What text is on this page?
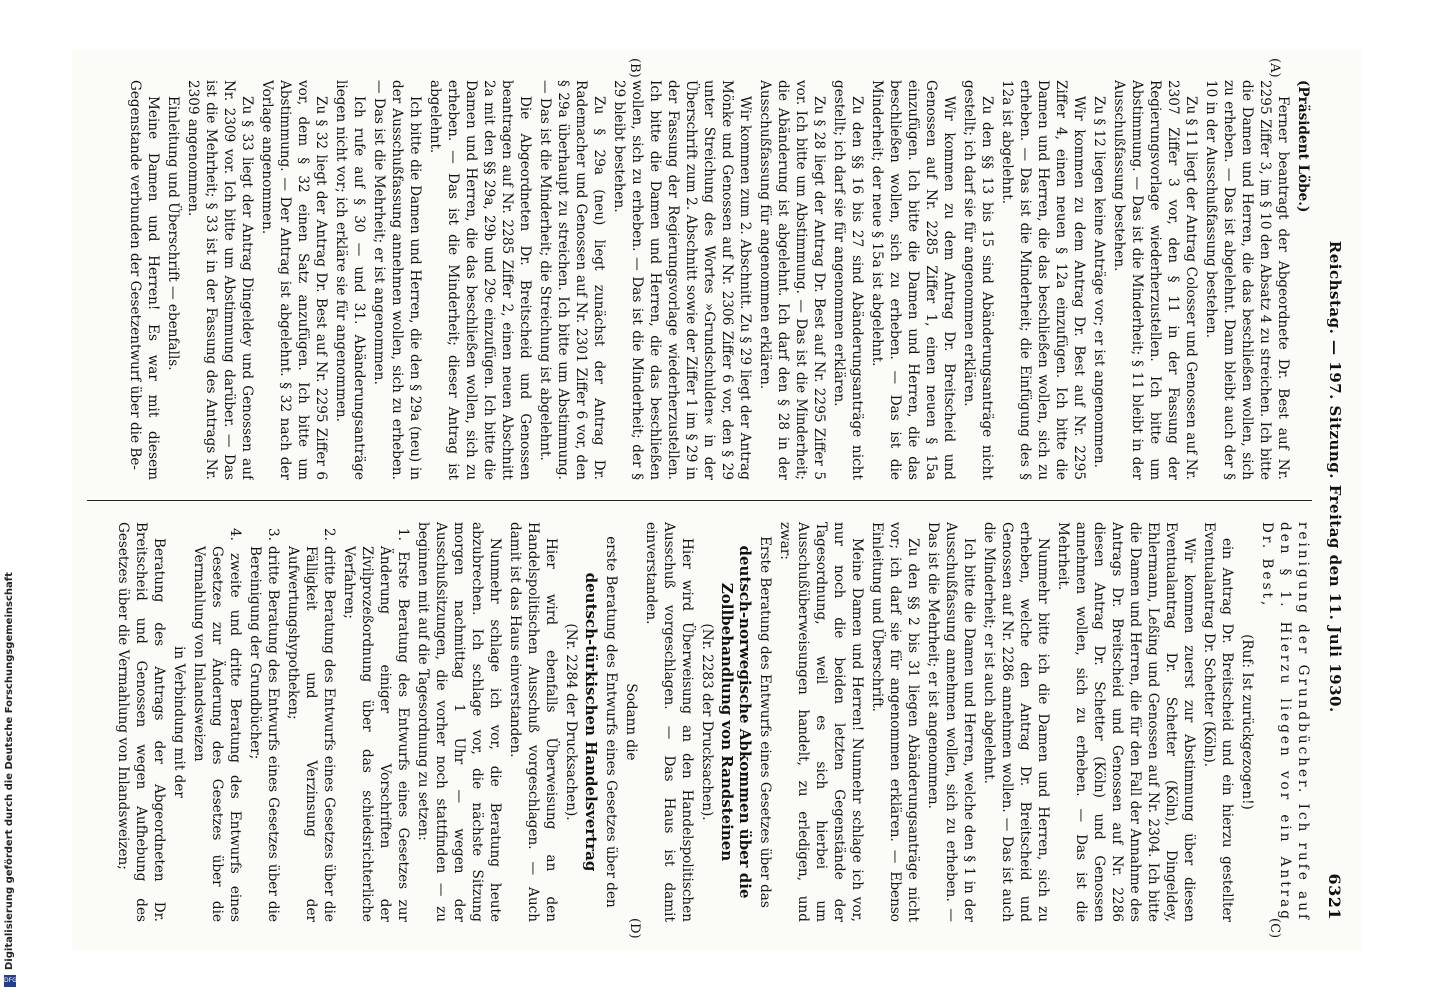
Reichstag. — 197. Sitzung. Freitag den 11. Juli 1930.
6321
(A)
(B)
(C)
(D)

(Präsident Löbe.)

Ferner beantragt der Abgeordnete Dr. Best auf Nr. 2295 Ziffer 3, im § 10 den Absatz 4 zu streichen. Ich bitte die Damen und Herren, die das beschließen wollen, sich zu erheben. — Das ist abgelehnt. Dann bleibt auch der § 10 in der Ausschußfassung bestehen.

Zu § 11 liegt der Antrag Colosser und Genossen auf Nr. 2307 Ziffer 3 vor, den § 11 in der Fassung der Regierungsvorlage wiederherzustellen. Ich bitte um Abstimmung. — Das ist die Minderheit; § 11 bleibt in der Ausschußfassung bestehen.

Zu § 12 liegen keine Anträge vor; er ist angenommen.

Wir kommen zu dem Antrag Dr. Best auf Nr. 2295 Ziffer 4, einen neuen § 12a einzufügen. Ich bitte die Damen und Herren, die das beschließen wollen, sich zu erheben. — Das ist die Minderheit; die Einfügung des § 12a ist abgelehnt.

Zu den §§ 13 bis 15 sind Abänderungsanträge nicht gestellt; ich darf sie für angenommen erklären.

Wir kommen zu dem Antrag Dr. Breitscheid und Genossen auf Nr. 2285 Ziffer 1, einen neuen § 15a einzufügen. Ich bitte die Damen und Herren, die das beschließen wollen, sich zu erheben. — Das ist die Minderheit; der neue § 15a ist abgelehnt.

Zu den §§ 16 bis 27 sind Abänderungsanträge nicht gestellt; ich darf sie für angenommen erklären.

Zu § 28 liegt der Antrag Dr. Best auf Nr. 2295 Ziffer 5 vor. Ich bitte um Abstimmung. — Das ist die Minderheit; die Abänderung ist abgelehnt. Ich darf den § 28 in der Ausschußfassung für angenommen erklären.

Wir kommen zum 2. Abschnitt. Zu § 29 liegt der Antrag Mönke und Genossen auf Nr. 2306 Ziffer 6 vor, den § 29 unter Streichung des Wortes »Grundschulden« in der Überschrift zum 2. Abschnitt sowie der Ziffer 1 im § 29 in der Fassung der Regierungsvorlage wiederherzustellen. Ich bitte die Damen und Herren, die das beschließen wollen, sich zu erheben. — Das ist die Minderheit; der § 29 bleibt bestehen.

Zu § 29a (neu) liegt zunächst der Antrag Dr. Rademacher und Genossen auf Nr. 2301 Ziffer 6 vor, den § 29a überhaupt zu streichen. Ich bitte um Abstimmung. — Das ist die Minderheit; die Streichung ist abgelehnt.

Die Abgeordneten Dr. Breitscheid und Genossen beantragen auf Nr. 2285 Ziffer 2, einen neuen Abschnitt 2a mit den §§ 29a, 29b und 29c einzufügen. Ich bitte die Damen und Herren, die das beschließen wollen, sich zu erheben. — Das ist die Minderheit; dieser Antrag ist abgelehnt.

Ich bitte die Damen und Herren, die den § 29a (neu) in der Ausschußfassung annehmen wollen, sich zu erheben. — Das ist die Mehrheit; er ist angenommen.

Ich rufe auf § 30 — und 31. Abänderungsanträge liegen nicht vor; ich erkläre sie für angenommen.

Zu § 32 liegt der Antrag Dr. Best auf Nr. 2295 Ziffer 6 vor, dem § 32 einen Satz anzufügen. Ich bitte um Abstimmung. — Der Antrag ist abgelehnt. § 32 nach der Vorlage angenommen.

Zu § 33 liegt der Antrag Dingeldey und Genossen auf Nr. 2309 vor. Ich bitte um Abstimmung darüber. — Das ist die Mehrheit; § 33 ist in der Fassung des Antrags Nr. 2309 angenommen.

Einleitung und Überschrift — ebenfalls.

Meine Damen und Herren! Es war mit diesem Gegenstande verbunden der Gesetzentwurf über die Be-

reinigung der Grundbücher. Ich rufe auf den § 1. Hierzu liegen vor ein Antrag Dr. Best,

(Ruf: Ist zurückgezogen!)

ein Antrag Dr. Breitscheid und ein hierzu gestellter Eventualantrag Dr. Schetter (Köln).

Wir kommen zuerst zur Abstimmung über diesen Eventualantrag Dr. Schetter (Köln), Dingeldey, Ehlermann, Leßing und Genossen auf Nr. 2304. Ich bitte die Damen und Herren, die für den Fall der Annahme des Antrags Dr. Breitscheid und Genossen auf Nr. 2286 diesen Antrag Dr. Schetter (Köln) und Genossen annehmen wollen, sich zu erheben. — Das ist die Mehrheit.

Nunmehr bitte ich die Damen und Herren, sich zu erheben, welche den Antrag Dr. Breitscheid und Genossen auf Nr. 2286 annehmen wollen. — Das ist auch die Minderheit; er ist auch abgelehnt.

Ich bitte die Damen und Herren, welche den § 1 in der Ausschußfassung annehmen wollen, sich zu erheben. — Das ist die Mehrheit; er ist angenommen.

Zu den §§ 2 bis 31 liegen Abänderungsanträge nicht vor; ich darf sie für angenommen erklären. — Ebenso Einleitung und Überschrift.

Meine Damen und Herren! Nunmehr schlage ich vor, nur noch die beiden letzten Gegenstände der Tagesordnung, weil es sich hierbei um Ausschußüberweisungen handelt, zu erledigen, und zwar:

Erste Beratung des Entwurfs eines Gesetzes über das

deutsch-norwegische Abkommen über die Zollbehandlung von Randsteinen

(Nr. 2283 der Drucksachen).

Hier wird Überweisung an den Handelspolitischen Ausschuß vorgeschlagen. — Das Haus ist damit einverstanden.

Sodann die

erste Beratung des Entwurfs eines Gesetzes über den

deutsch-türkischen Handelsvertrag

(Nr. 2284 der Drucksachen).

Hier wird ebenfalls Überweisung an den Handelspolitischen Ausschuß vorgeschlagen. — Auch damit ist das Haus einverstanden.

Nunmehr schlage ich vor, die Beratung heute abzubrechen. Ich schlage vor, die nächste Sitzung morgen nachmittag 1 Uhr — wegen der Ausschußsitzungen, die vorher noch stattfinden — zu beginnen mit auf die Tagesordnung zu setzen:

1. Erste Beratung des Entwurfs eines Gesetzes zur Änderung einiger Vorschriften der Zivilprozeßordnung über das schiedsrichterliche Verfahren;

2. dritte Beratung des Entwurfs eines Gesetzes über die Fälligkeit und Verzinsung der Aufwertungshypotheken;

3. dritte Beratung des Entwurfs eines Gesetzes über die Bereinigung der Grundbücher;

4. zweite und dritte Beratung des Entwurfs eines Gesetzes zur Änderung des Gesetzes über die Vermahlung von Inlandsweizen

in Verbindung mit der

Beratung des Antrags der Abgeordneten Dr. Breitscheid und Genossen wegen Aufhebung des Gesetzes über die Vermahlung von Inlandsweizen;

Digitalisierung gefördert durch die Deutsche Forschungsgemeinschaft
DFG
